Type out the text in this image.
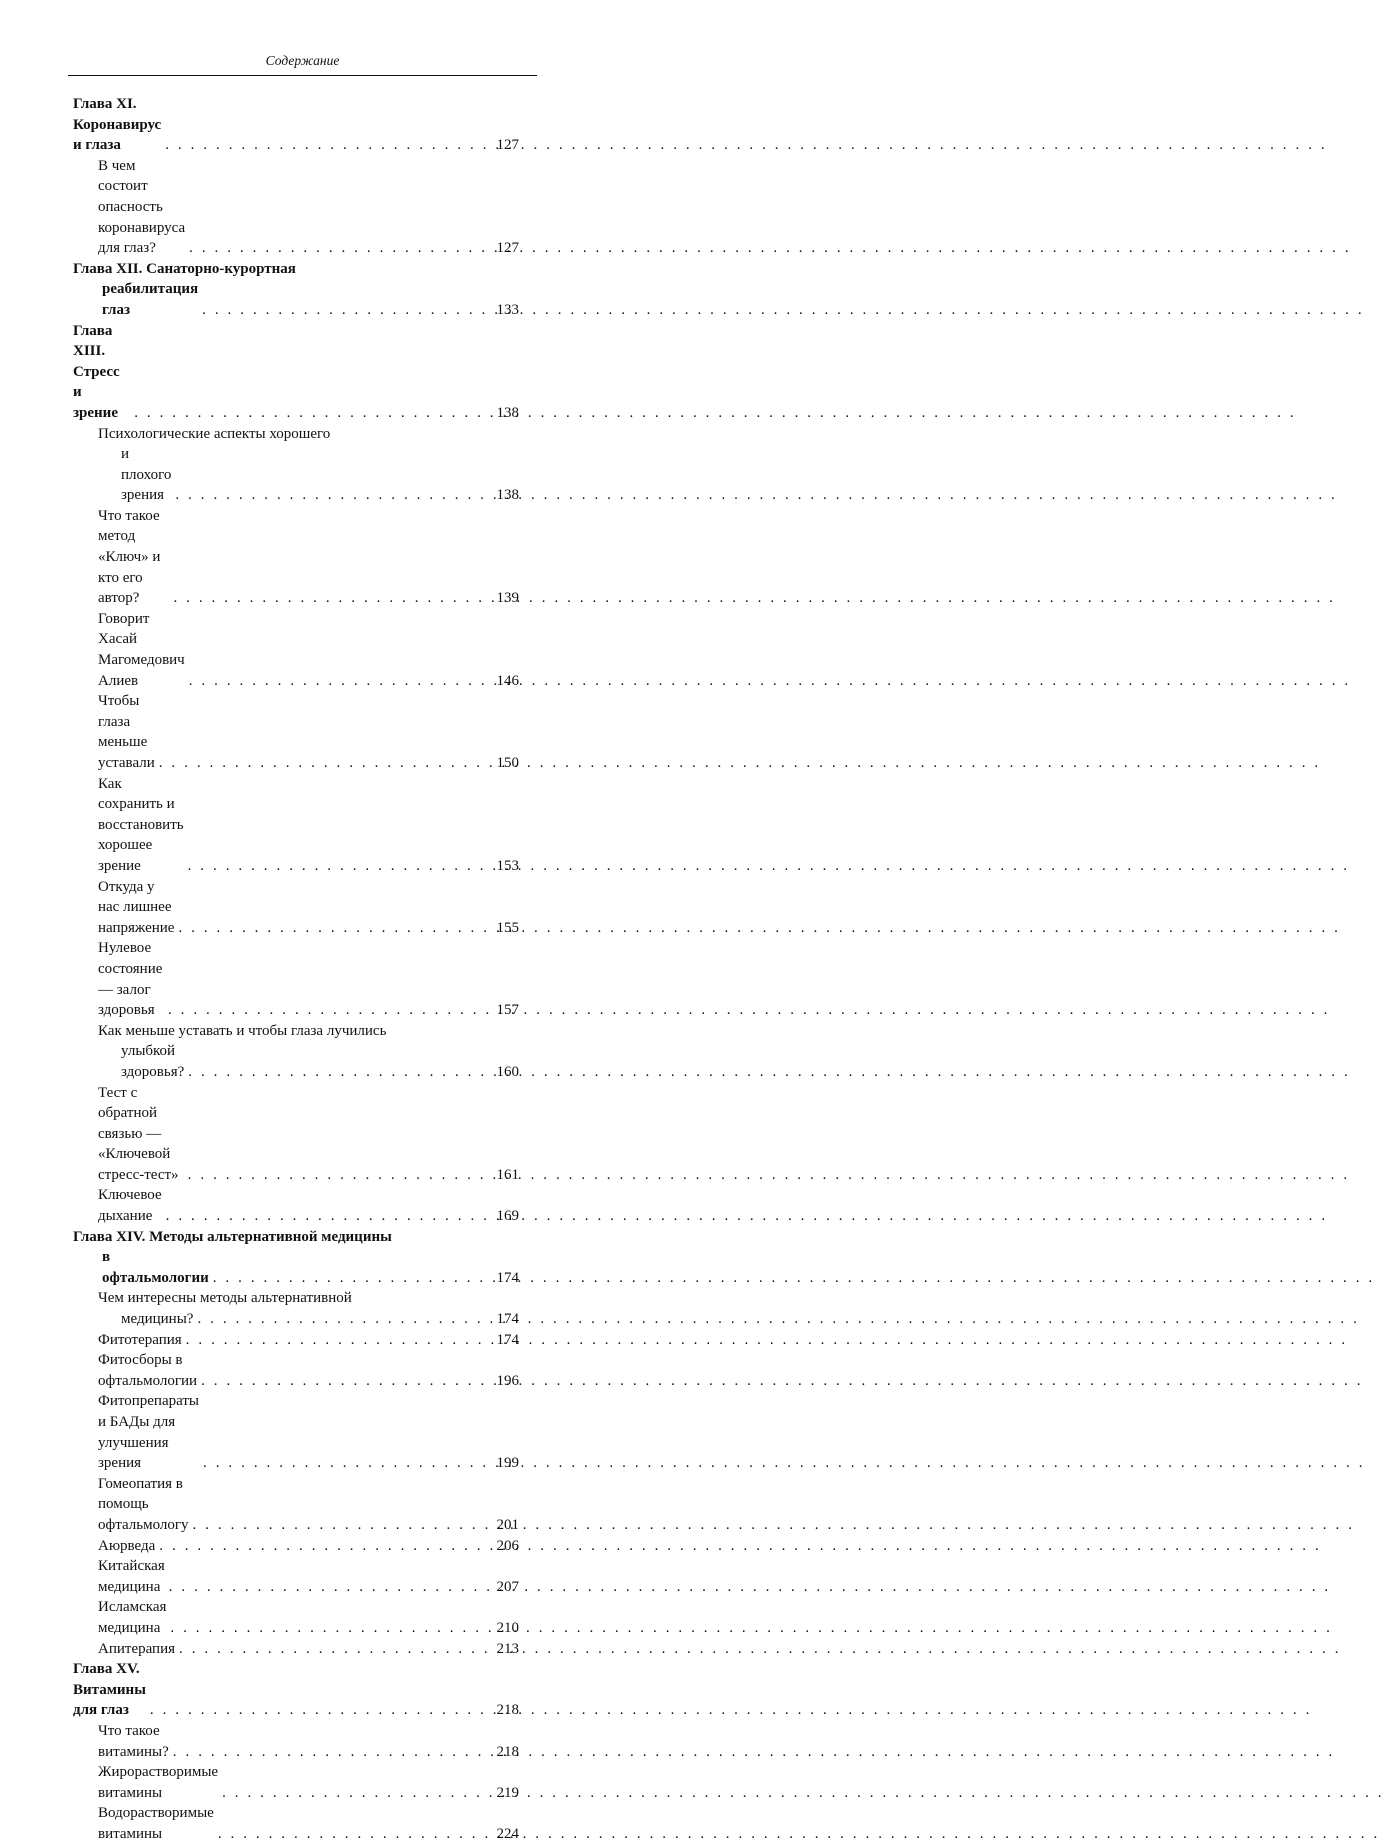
Содержание
Глава XI. Коронавирус и глаза . . .	127
В чем состоит опасность коронавируса для глаз? . . .	127
Глава XII. Санаторно-курортная
реабилитация глаз . . .	133
Глава XIII. Стресс и зрение . . .	138
Психологические аспекты хорошего
и плохого зрения . . .	138
Что такое метод «Ключ» и кто его автор? . . .	139
Говорит Хасай Магомедович Алиев . . .	146
Чтобы глаза меньше уставали . . .	150
Как сохранить и восстановить хорошее зрение . . .	153
Откуда у нас лишнее напряжение . . .	155
Нулевое состояние — залог здоровья . . .	157
Как меньше уставать и чтобы глаза лучились
улыбкой здоровья? . . .	160
Тест с обратной связью — «Ключевой стресс-тест» . . .	161
Ключевое дыхание . . .	169
Глава XIV. Методы альтернативной медицины
в офтальмологии . . .	174
Чем интересны методы альтернативной
медицины? . . .	174
Фитотерапия . . .	174
Фитосборы в офтальмологии . . .	196
Фитопрепараты и БАДы для улучшения зрения . . .	199
Гомеопатия в помощь офтальмологу . . .	201
Аюрведа . . .	206
Китайская медицина . . .	207
Исламская медицина . . .	210
Апитерапия . . .	213
Глава XV. Витамины для глаз . . .	218
Что такое витамины? . . .	218
Жирорастворимые витамины . . .	219
Водорастворимые витамины . . .	224
